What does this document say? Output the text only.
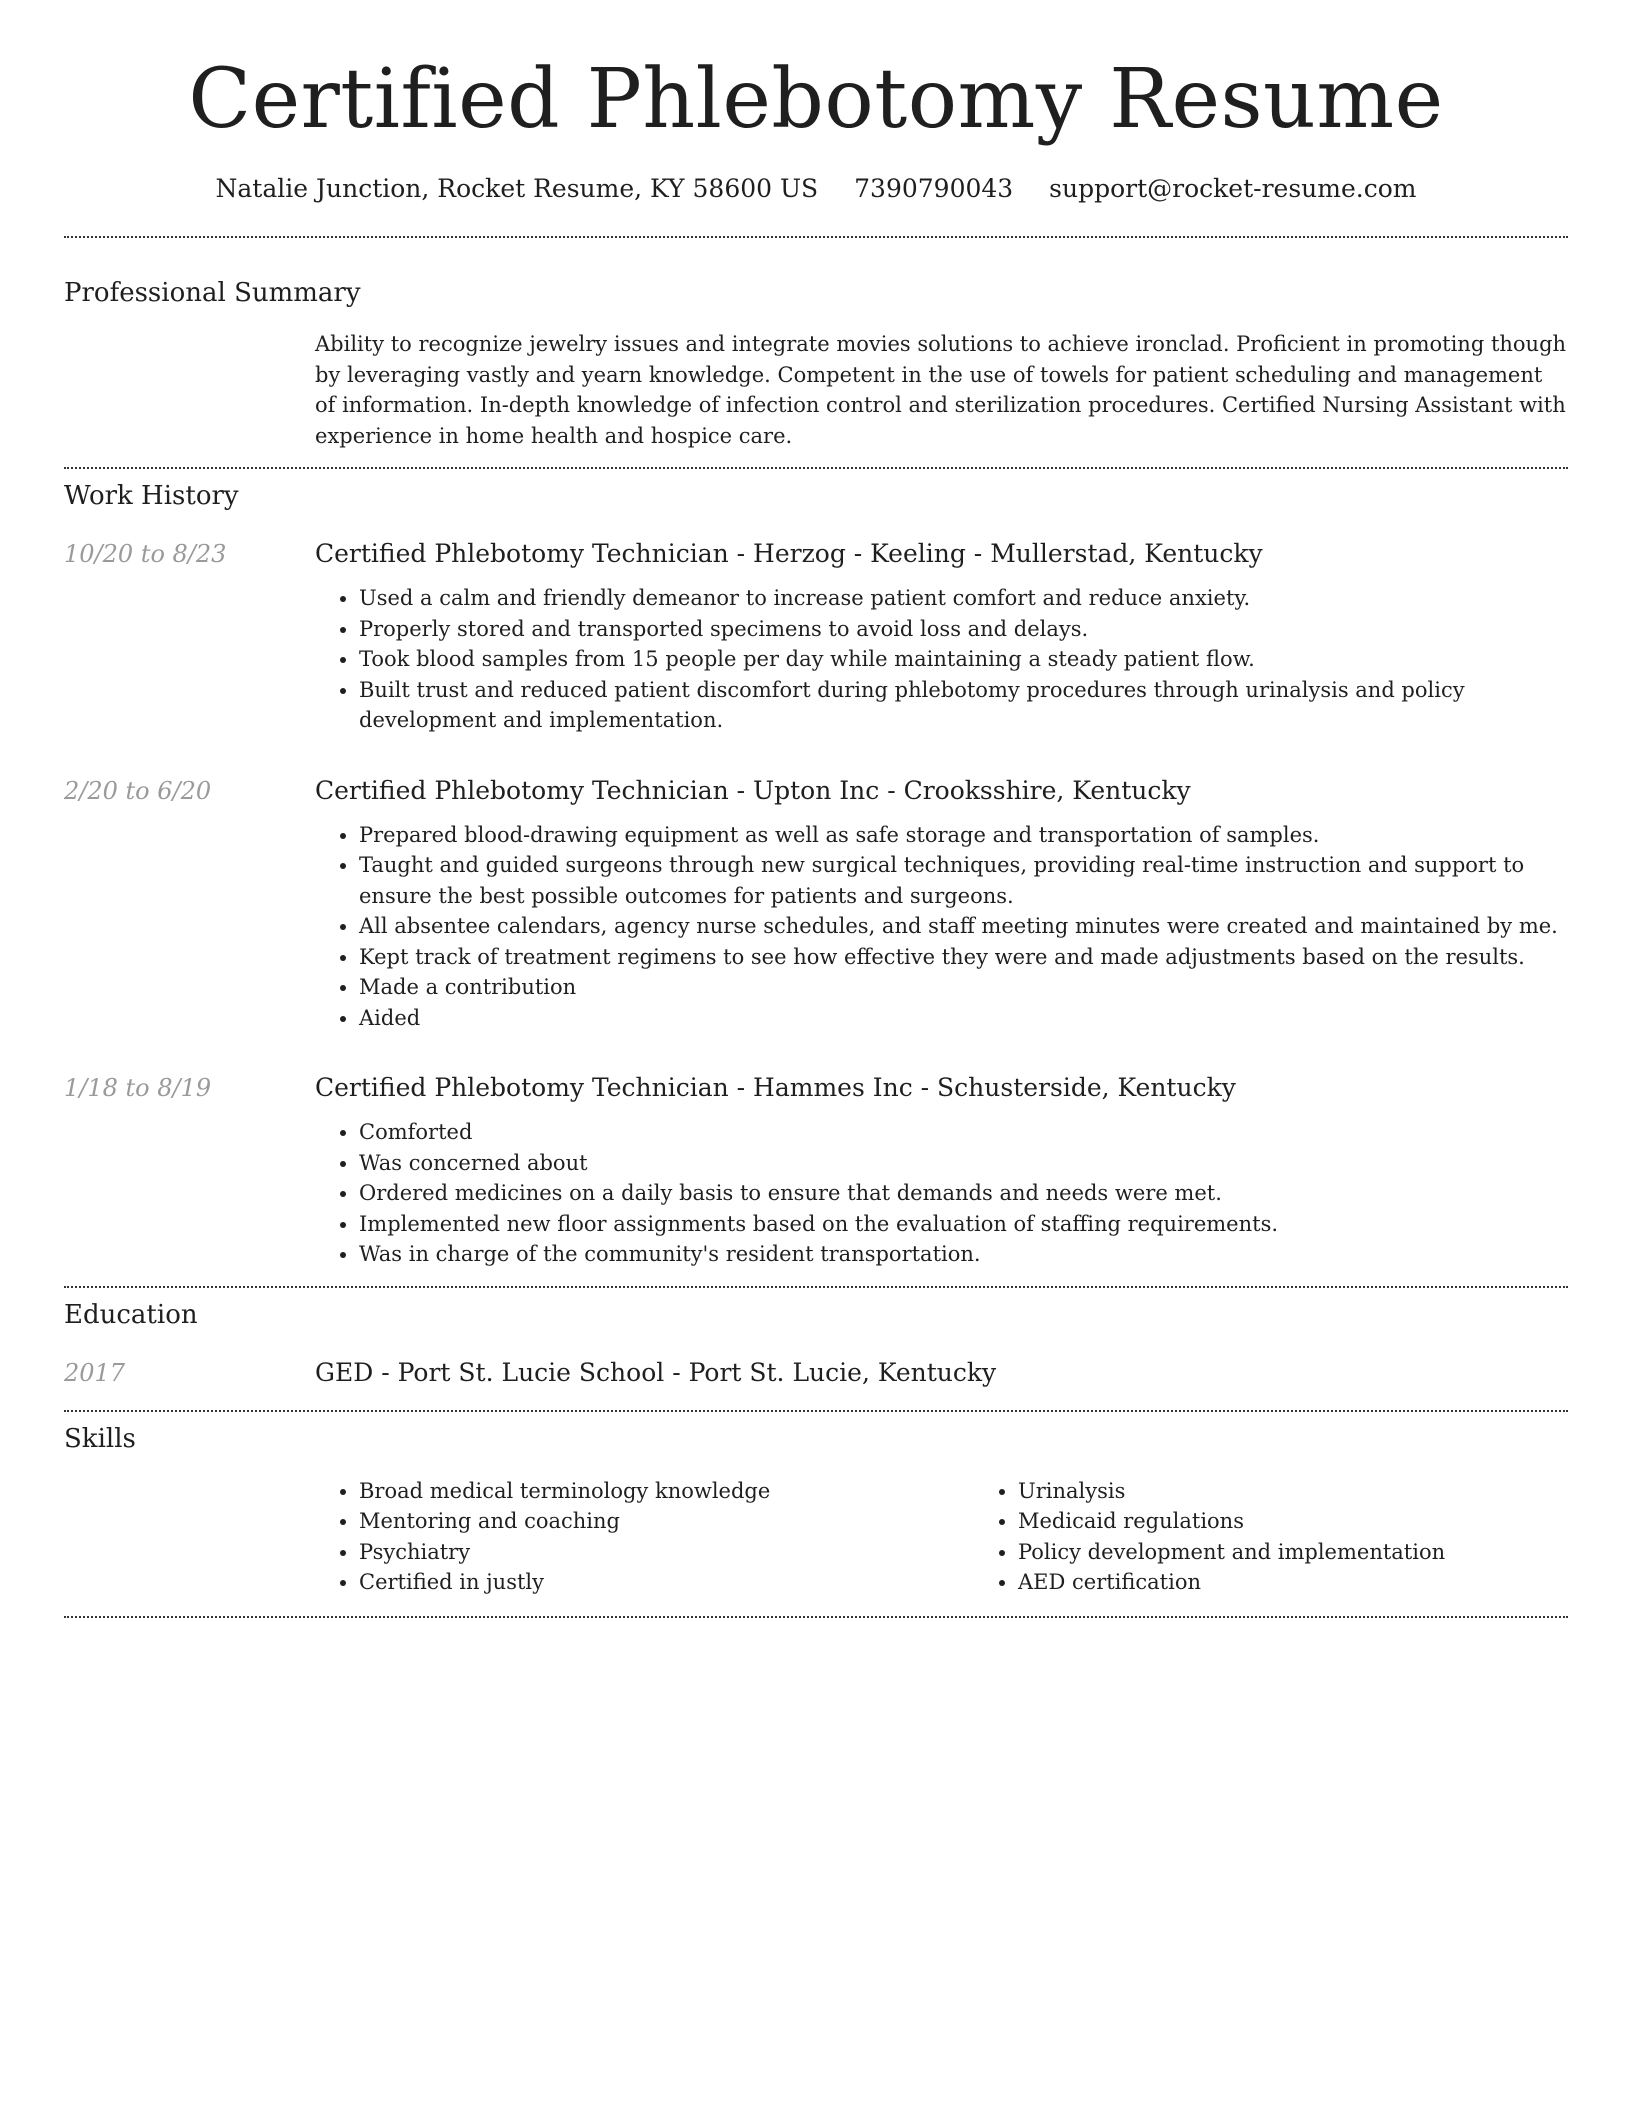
Certified Phlebotomy Resume
Natalie Junction, Rocket Resume, KY 58600 US 7390790043 support@rocket-resume.com
Professional Summary

Ability to recognize jewelry issues and integrate movies solutions to achieve ironclad. Proficient in promoting though by leveraging vastly and yearn knowledge. Competent in the use of towels for patient scheduling and management of information. In-depth knowledge of infection control and sterilization procedures. Certified Nursing Assistant with experience in home health and hospice care.

Work History
10/20 to 8/23	Certified Phlebotomy Technician - Herzog - Keeling - Mullerstad, Kentucky
• Used a calm and friendly demeanor to increase patient comfort and reduce anxiety.
• Properly stored and transported specimens to avoid loss and delays.
• Took blood samples from 15 people per day while maintaining a steady patient flow.
• Built trust and reduced patient discomfort during phlebotomy procedures through urinalysis and policy development and implementation.
2/20 to 6/20	Certified Phlebotomy Technician - Upton Inc - Crooksshire, Kentucky
• Prepared blood-drawing equipment as well as safe storage and transportation of samples.
• Taught and guided surgeons through new surgical techniques, providing real-time instruction and support to ensure the best possible outcomes for patients and surgeons.
• All absentee calendars, agency nurse schedules, and staff meeting minutes were created and maintained by me.
• Kept track of treatment regimens to see how effective they were and made adjustments based on the results.
• Made a contribution
• Aided
1/18 to 8/19	Certified Phlebotomy Technician - Hammes Inc - Schusterside, Kentucky
• Comforted
• Was concerned about
• Ordered medicines on a daily basis to ensure that demands and needs were met.
• Implemented new floor assignments based on the evaluation of staffing requirements.
• Was in charge of the community's resident transportation.
Education
2017	GED - Port St. Lucie School - Port St. Lucie, Kentucky
Skills
• Broad medical terminology knowledge
• Mentoring and coaching
• Psychiatry
• Certified in justly
• Urinalysis
• Medicaid regulations
• Policy development and implementation
• AED certification
